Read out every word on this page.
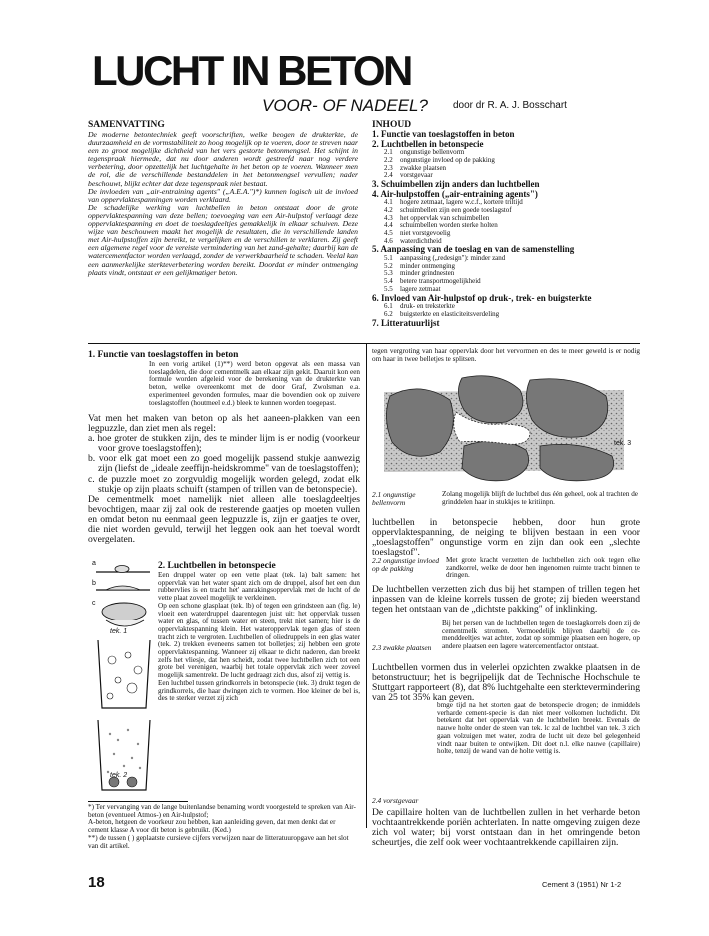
LUCHT IN BETON
VOOR- OF NADEEL?	door dr R. A. J. Bosschart
SAMENVATTING
De moderne betontechniek geeft voorschriften, welke beogen de drukterkte, de duurzaamheid en de vormstabiliteit zo hoog mogelijk op te voeren, door te streven naar een zo groot mogelijke dichtheid van het vers gestorte betonmengsel. Het schijnt in tegenspraak hiermede, dat nu door anderen wordt gestreefd naar nog verdere verbetering, door opzettelijk het luchtgehalte in het beton op te voeren. Wanneer men de rol, die de verschillende bestanddelen in het betonmengsel vervullen; nader beschouwt, blijkt echter dat deze tegenspraak niet bestaat.
De invloeden van „air-entraining agents" („A.E.A.")*) kunnen logisch uit de invloed van oppervlaktespanningen worden verklaard.
De schadelijke werking van luchtbellen in beton ontstaat door de grote oppervlaktespanning van deze bellen; toevoeging van een Air-hulpstof verlaagt deze oppervlaktespanning en doet de toeslagdeeltjes gemakkelijk in elkaar schuiven. Deze wijze van beschouwen maakt het mogelijk de resultaten, die in verschillende landen met Air-hulpstoffen zijn bereikt, te vergelijken en de verschillen te verklaren. Zij geeft een algemene regel voor de vereiste vermindering van het zand-gehalte; daarbij kan de watercementfactor worden verlaagd, zonder de verwerkbaarheid te schaden. Veelal kan een aanmerkelijke sterkteverbetering worden bereikt. Doordat er minder ontmenging plaats vindt, ontstaat er een gelijkmatiger beton.
INHOUD
1. Functie van toeslagstoffen in beton
2. Luchtbellen in betonspecie
2.1 ongunstige bellenvorm
2.2 ongunstige invloed op de pakking
2.3 zwakke plaatsen
2.4 vorstgevaar
3. Schuimbellen zijn anders dan luchtbellen
4. Air-hulpstoffen („air-entraining agents")
4.1 hogere zetmaat, lagere w.c.f., kortere triltijd
4.2 schuimbellen zijn een goede toeslagstof
4.3 het oppervlak van schuimbellen
4.4 schuimbellen worden sterke holten
4.5 niet vorstgevoelig
4.6 waterdichtheid
5. Aanpassing van de toeslag en van de samenstelling
5.1 aanpassing („redesign"): minder zand
5.2 minder ontmenging
5.3 minder grindnesten
5.4 betere transportmogelijkheid
5.5 lagere zetmaat
6. Invloed van Air-hulpstof op druk-, trek- en buigsterkte
6.1 druk- en treksterkte
6.2 buigsterkte en elasticiteitsverdeling
7. Litteratuurlijst
1. Functie van toeslagstoffen in beton
In een vorig artikel (1)**) werd beton opgevat als een massa van toeslagdelen, die door cementmelk aan elkaar zijn gekit. Daaruit kon een formule worden afgeleid voor de berekening van de drukterkte van beton, welke overeenkomt met de door Graf, Zwolsman e.a. experimenteel gevonden formules, maar die bovendien ook op zuivere toeslagstoffen (houtmeel e.d.) bleek te kunnen worden toegepast.
Vat men het maken van beton op als het aaneen-plakken van een legpuzzle, dan ziet men als regel:
a. hoe groter de stukken zijn, des te minder lijm is er nodig (voorkeur voor grove toeslagstoffen);
b. voor elk gat moet een zo goed mogelijk passend stukje aanwezig zijn (liefst de „ideale zeeffijn-heidskromme" van de toeslagstoffen);
c. de puzzle moet zo zorgvuldig mogelijk worden gelegd, zodat elk stukje op zijn plaats schuift (stampen of trillen van de betonspecie).
De cementmelk moet namelijk niet alleen alle toeslagdeeltjes bevochtigen, maar zij zal ook de resterende gaatjes op moeten vullen en omdat beton nu eenmaal geen legpuzzle is, zijn er gaatjes te over, die niet worden gevuld, terwijl het leggen ook aan het toeval wordt overgelaten.
a
b
c
tek. 1
tek. 2
2. Luchtbellen in betonspecie
Een druppel water op een vette plaat (tek. la) balt samen: het oppervlak van het water spant zich om de druppel, alsof het een dun rubbervlies is en tracht het' aanrakingsoppervlak met de lucht of de vette plaat zoveel mogelijk te verkleinen.
Op een schone glasplaat (tek. lb) of tegen een grindsteen aan (fig. le) vloeit een waterdruppel daarentegen juist uit: het oppervlak tussen water en glas, of tussen water en steen, trekt niet samen; hier is de oppervlaktespanning klein. Het wateroppervlak tegen glas of steen tracht zich te vergroten. Luchtbellen of oliedruppels in een glas water (tek. 2) trekken eveneens samen tot bolletjes; zij hebben een grote oppervlaktespanning. Wanneer zij elkaar te dicht naderen, dan breekt zelfs het vliesje, dat hen scheidt, zodat twee luchtbellen zich tot een grote bel verenigen, waarbij het totale oppervlak zich weer zoveel mogelijk samentrekt. De lucht gedraagt zich dus, alsof zij vettig is.
Een luchtbel tussen grindkorrels in betonspecie (tek. 3) drukt tegen de grindkorrels, die haar dwingen zich te vormen. Hoe kleiner de bel is, des te sterker verzet zij zich
*) Ter vervanging van de lange buitenlandse benaming wordt voorgesteld te spreken van Air-beton (eventueel Atmos-) en Air-hulpstof;
A-beton, hetgeen de voorkeur zou hebben, kan aanleiding geven, dat men denkt dat er cement klasse A voor dit beton is gebruikt. (Ked.)
**) de tussen ( ) geplaatste cursieve cijfers verwijzen naar de litteratuuropgave aan het slot van dit artikel.
tegen vergroting van haar oppervlak door het vervormen en des te meer geweld is er nodig om haar in twee belletjes te splitsen.
tek. 3
2.1 ongunstige bellenvorm
Zolang mogelijk blijft de luchtbel dus één geheel, ook al trachten de grinddelen haar in stukkjes te kritiinpn.
luchtbellen in betonspecie hebben, door hun grote oppervlaktespanning, de neiging te blijven bestaan in een voor „toeslagstoffen" ongunstige vorm en zijn dan ook een „slechte toeslagstof".
2.2 ongunstige invloed op de pakking
Met grote kracht verzetten de luchtbellen zich ook tegen elke zandkorrel, welke de door hen ingenomen ruimte tracht binnen te dringen.
De luchtbellen verzetten zich dus bij het stampen of trillen tegen het inpassen van de kleine korrels tussen de grote; zij bieden weerstand tegen het ontstaan van de „dichtste pakking" of inklinking.
2.3 zwakke plaatsen
Bij het persen van de luchtbellen tegen de toeslagkorrels doen zij de cementmelk stromen. Vermoedelijk blijven daarbij de ce-menddeeltjes wat achter, zodat op sommige plaatsen een hogere, op andere plaatsen een lagere watercementfactor ontstaat.
Luchtbellen vormen dus in velerlei opzichten zwakke plaatsen in de betonstructuur; het is begrijpelijk dat de Technische Hochschule te Stuttgart rapporteert (8), dat 8% luchtgehalte een sterktevermindering van 25 tot 35% kan geven.
2.4 vorstgevaar
bmge tijd na het storten gaat de betonspecie drogen; de inmiddels verharde cement-specie is dan niet meer volkomen luchtdicht. Dit betekent dat het oppervlak van de luchtbellen breekt. Evenals de nauwe holte onder de steen van tek. lc zal de luchtbel van tek. 3 zich gaan volzuigen met water, zodra de lucht uit deze bel gelegenheid vindt naar buiten te ontwijken. Dit doet n.l. elke nauwe (capillaire) holte, tenzij de wand van de holte vettig is.
De capillaire holten van de luchtbellen zullen in het verharde beton vochtaantrekkende poriën achterlaten. In natte omgeving zuigen deze zich vol water; bij vorst ontstaan dan in het omringende beton scheurtjes, die zelf ook weer vochtaantrekkende capillairen zijn.
18	Cement 3 (1951) Nr 1-2
